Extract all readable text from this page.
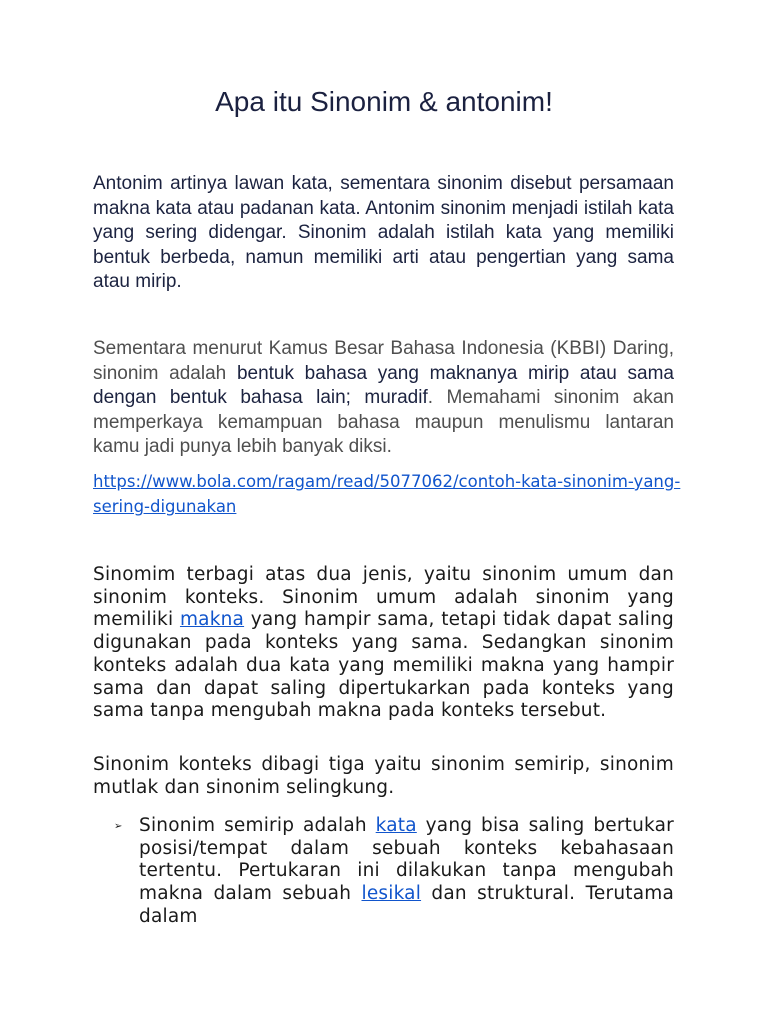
Apa itu Sinonim & antonim!

Antonim artinya lawan kata, sementara sinonim disebut persamaan makna kata atau padanan kata. Antonim sinonim menjadi istilah kata yang sering didengar. Sinonim adalah istilah kata yang memiliki bentuk berbeda, namun memiliki arti atau pengertian yang sama atau mirip.

Sementara menurut Kamus Besar Bahasa Indonesia (KBBI) Daring, sinonim adalah bentuk bahasa yang maknanya mirip atau sama dengan bentuk bahasa lain; muradif. Memahami sinonim akan memperkaya kemampuan bahasa maupun menulismu lantaran kamu jadi punya lebih banyak diksi.

https://www.bola.com/ragam/read/5077062/contoh-kata-sinonim-yang-sering-digunakan

Sinomim terbagi atas dua jenis, yaitu sinonim umum dan sinonim konteks. Sinonim umum adalah sinonim yang memiliki makna yang hampir sama, tetapi tidak dapat saling digunakan pada konteks yang sama. Sedangkan sinonim konteks adalah dua kata yang memiliki makna yang hampir sama dan dapat saling dipertukarkan pada konteks yang sama tanpa mengubah makna pada konteks tersebut.

Sinonim konteks dibagi tiga yaitu sinonim semirip, sinonim mutlak dan sinonim selingkung.

➢ Sinonim semirip adalah kata yang bisa saling bertukar posisi/tempat dalam sebuah konteks kebahasaan tertentu. Pertukaran ini dilakukan tanpa mengubah makna dalam sebuah lesikal dan struktural. Terutama dalam
